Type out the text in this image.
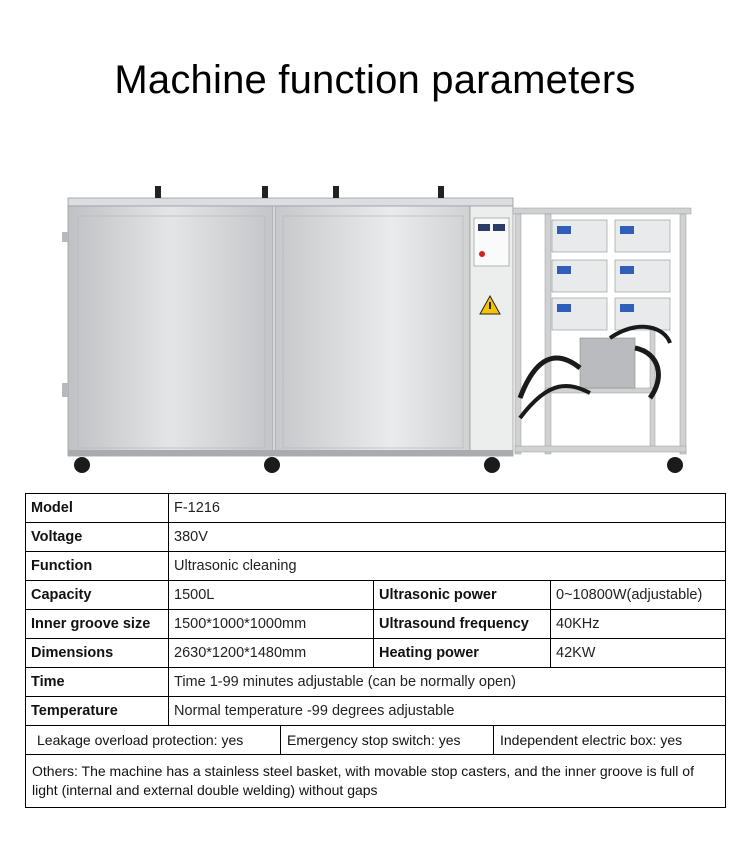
Machine function parameters
Model	F-1216		
Voltage	380V		
Function	Ultrasonic cleaning		
Capacity	1500L	Ultrasonic power	0~10800W(adjustable)
Inner groove size	1500*1000*1000mm	Ultrasound frequency	40KHz
Dimensions	2630*1200*1480mm	Heating power	42KW
Time	Time 1-99 minutes adjustable (can be normally open)		
Temperature	Normal temperature -99 degrees adjustable		

Leakage overload protection: yes Emergency stop switch: yes Independent electric box: yes			

Others: The machine has a stainless steel basket, with movable stop casters, and the inner groove is full of light (internal and external double welding) without gaps			
